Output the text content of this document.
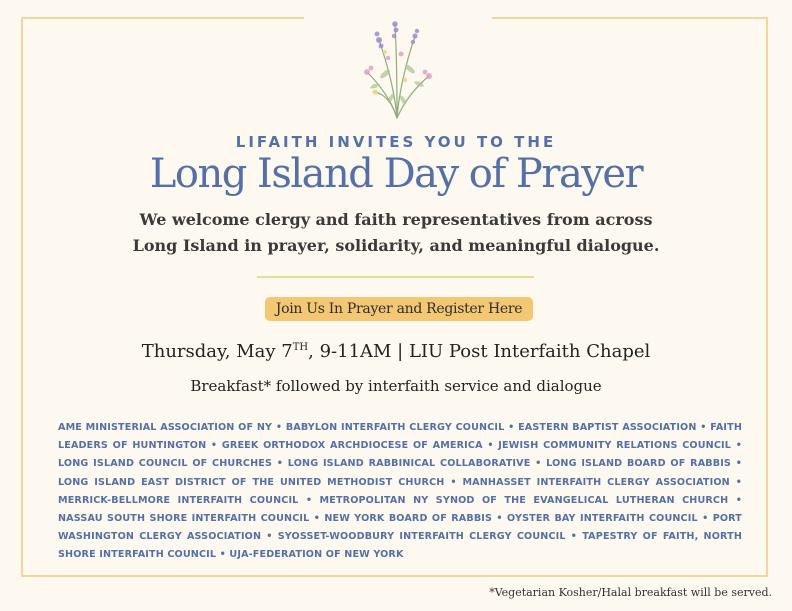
LIFAITH INVITES YOU TO THE
Long Island Day of Prayer
We welcome clergy and faith representatives from across
Long Island in prayer, solidarity, and meaningful dialogue.
Join Us In Prayer and Register Here
Thursday, May 7TH, 9-11AM | LIU Post Interfaith Chapel
Breakfast* followed by interfaith service and dialogue
AME MINISTERIAL ASSOCIATION OF NY • BABYLON INTERFAITH CLERGY COUNCIL • EASTERN BAPTIST ASSOCIATION • FAITH LEADERS OF HUNTINGTON • GREEK ORTHODOX ARCHDIOCESE OF AMERICA • JEWISH COMMUNITY RELATIONS COUNCIL • LONG ISLAND COUNCIL OF CHURCHES • LONG ISLAND RABBINICAL COLLABORATIVE • LONG ISLAND BOARD OF RABBIS • LONG ISLAND EAST DISTRICT OF THE UNITED METHODIST CHURCH • MANHASSET INTERFAITH CLERGY ASSOCIATION • MERRICK-BELLMORE INTERFAITH COUNCIL • METROPOLITAN NY SYNOD OF THE EVANGELICAL LUTHERAN CHURCH • NASSAU SOUTH SHORE INTERFAITH COUNCIL • NEW YORK BOARD OF RABBIS • OYSTER BAY INTERFAITH COUNCIL • PORT WASHINGTON CLERGY ASSOCIATION • SYOSSET-WOODBURY INTERFAITH CLERGY COUNCIL • TAPESTRY OF FAITH, NORTH SHORE INTERFAITH COUNCIL • UJA-FEDERATION OF NEW YORK
*Vegetarian Kosher/Halal breakfast will be served.
